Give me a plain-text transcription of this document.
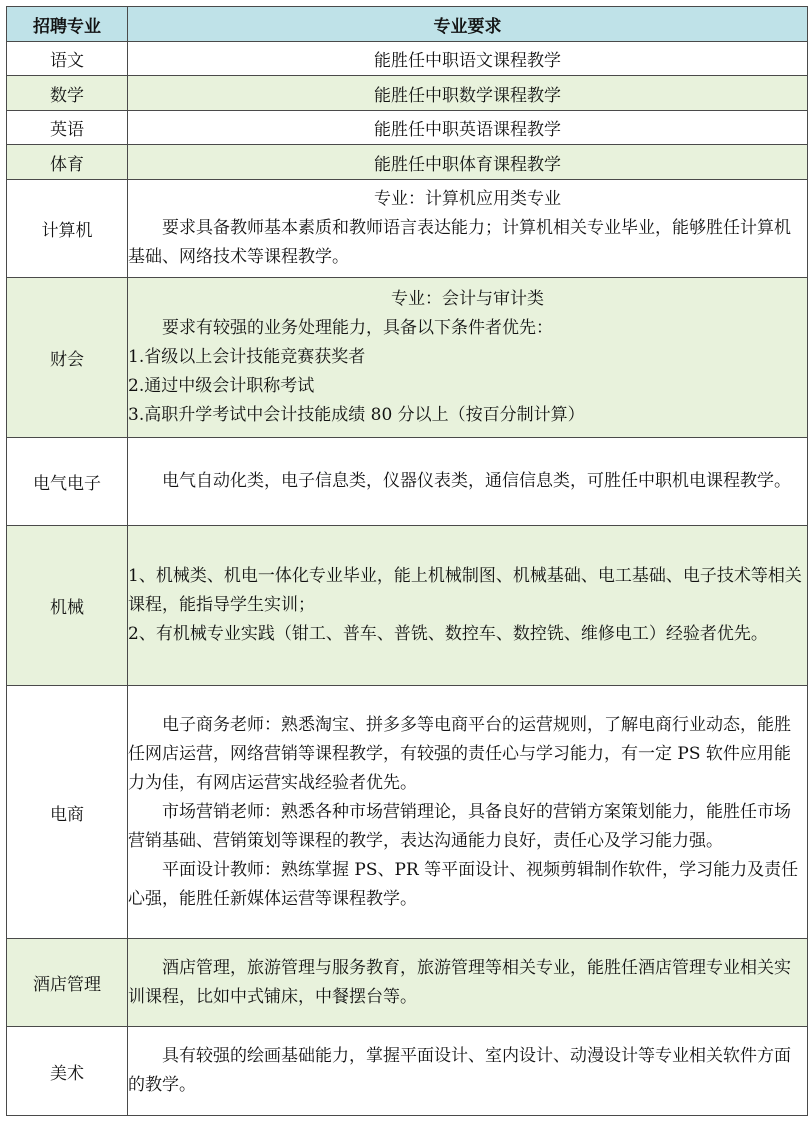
招聘专业	专业要求
语文	能胜任中职语文课程教学
数学	能胜任中职数学课程教学
英语	能胜任中职英语课程教学
体育	能胜任中职体育课程教学
计算机	专业：计算机应用类专业
要求具备教师基本素质和教师语言表达能力；计算机相关专业毕业，能够胜任计算机基础、网络技术等课程教学。

财会	专业：会计与审计类
要求有较强的业务处理能力，具备以下条件者优先：
1.省级以上会计技能竞赛获奖者
2.通过中级会计职称考试
3.高职升学考试中会计技能成绩 80 分以上（按百分制计算）

电气电子	电气自动化类，电子信息类，仪器仪表类，通信信息类，可胜任中职机电课程教学。

机械	1、机械类、机电一体化专业毕业，能上机械制图、机械基础、电工基础、电子技术等相关课程，能指导学生实训；
2、有机械专业实践（钳工、普车、普铣、数控车、数控铣、维修电工）经验者优先。

电商	电子商务老师：熟悉淘宝、拼多多等电商平台的运营规则，了解电商行业动态，能胜任网店运营，网络营销等课程教学，有较强的责任心与学习能力，有一定 PS 软件应用能力为佳，有网店运营实战经验者优先。
市场营销老师：熟悉各种市场营销理论，具备良好的营销方案策划能力，能胜任市场营销基础、营销策划等课程的教学，表达沟通能力良好，责任心及学习能力强。
平面设计教师：熟练掌握 PS、PR 等平面设计、视频剪辑制作软件，学习能力及责任心强，能胜任新媒体运营等课程教学。

酒店管理	酒店管理，旅游管理与服务教育，旅游管理等相关专业，能胜任酒店管理专业相关实训课程，比如中式铺床，中餐摆台等。

美术	具有较强的绘画基础能力，掌握平面设计、室内设计、动漫设计等专业相关软件方面的教学。
